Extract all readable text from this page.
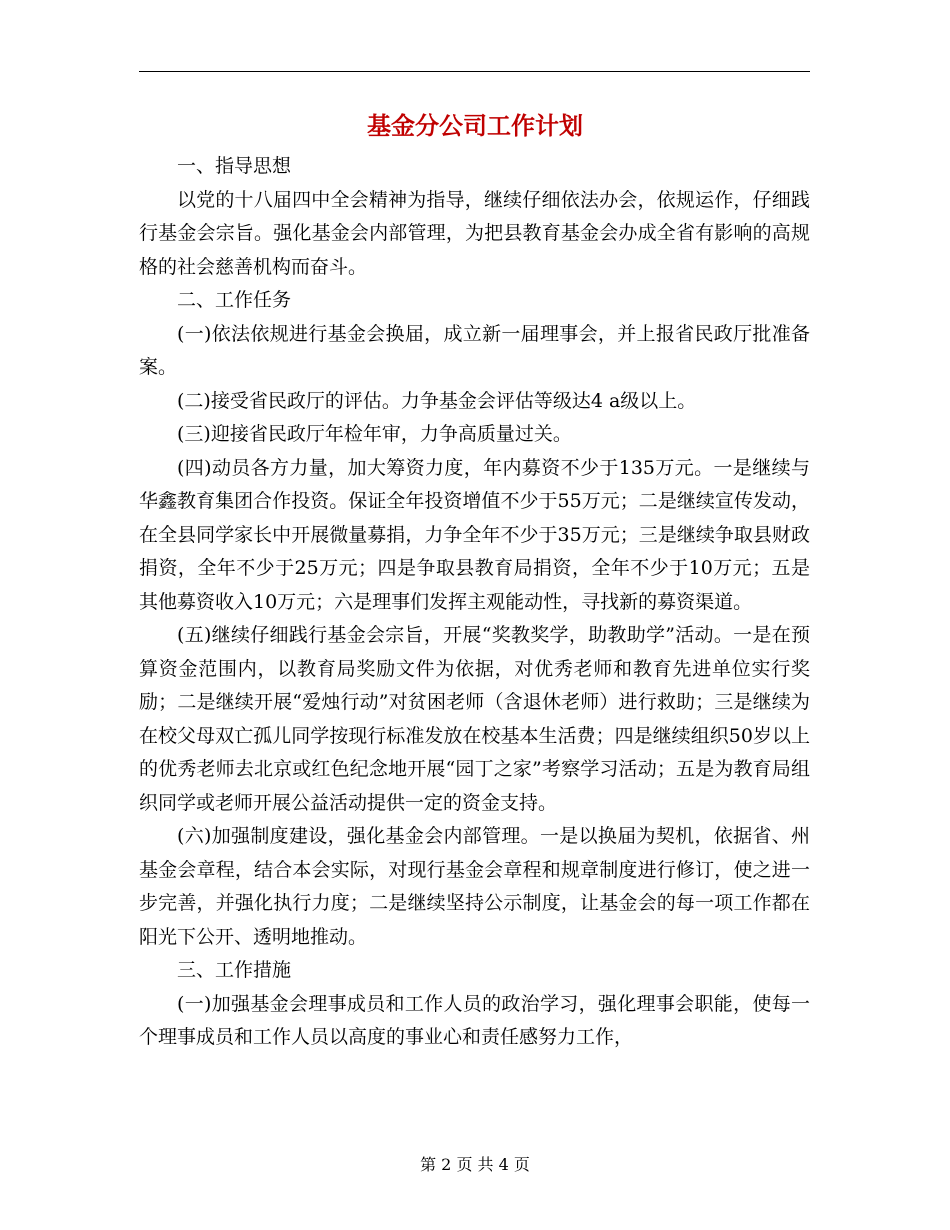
基金分公司工作计划

一、指导思想

以党的十八届四中全会精神为指导，继续仔细依法办会，依规运作，仔细践行基金会宗旨。强化基金会内部管理，为把县教育基金会办成全省有影响的高规格的社会慈善机构而奋斗。

二、工作任务

(一)依法依规进行基金会换届，成立新一届理事会，并上报省民政厅批准备案。

(二)接受省民政厅的评估。力争基金会评估等级达4 a级以上。

(三)迎接省民政厅年检年审，力争高质量过关。

(四)动员各方力量，加大筹资力度，年内募资不少于135万元。一是继续与华鑫教育集团合作投资。保证全年投资增值不少于55万元；二是继续宣传发动，在全县同学家长中开展微量募捐，力争全年不少于35万元；三是继续争取县财政捐资，全年不少于25万元；四是争取县教育局捐资，全年不少于10万元；五是其他募资收入10万元；六是理事们发挥主观能动性，寻找新的募资渠道。

(五)继续仔细践行基金会宗旨，开展“奖教奖学，助教助学”活动。一是在预算资金范围内，以教育局奖励文件为依据，对优秀老师和教育先进单位实行奖励；二是继续开展“爱烛行动”对贫困老师（含退休老师）进行救助；三是继续为在校父母双亡孤儿同学按现行标准发放在校基本生活费；四是继续组织50岁以上的优秀老师去北京或红色纪念地开展“园丁之家”考察学习活动；五是为教育局组织同学或老师开展公益活动提供一定的资金支持。

(六)加强制度建设，强化基金会内部管理。一是以换届为契机，依据省、州基金会章程，结合本会实际，对现行基金会章程和规章制度进行修订，使之进一步完善，并强化执行力度；二是继续坚持公示制度，让基金会的每一项工作都在阳光下公开、透明地推动。

三、工作措施

(一)加强基金会理事成员和工作人员的政治学习，强化理事会职能，使每一个理事成员和工作人员以高度的事业心和责任感努力工作，

第 2 页 共 4 页
